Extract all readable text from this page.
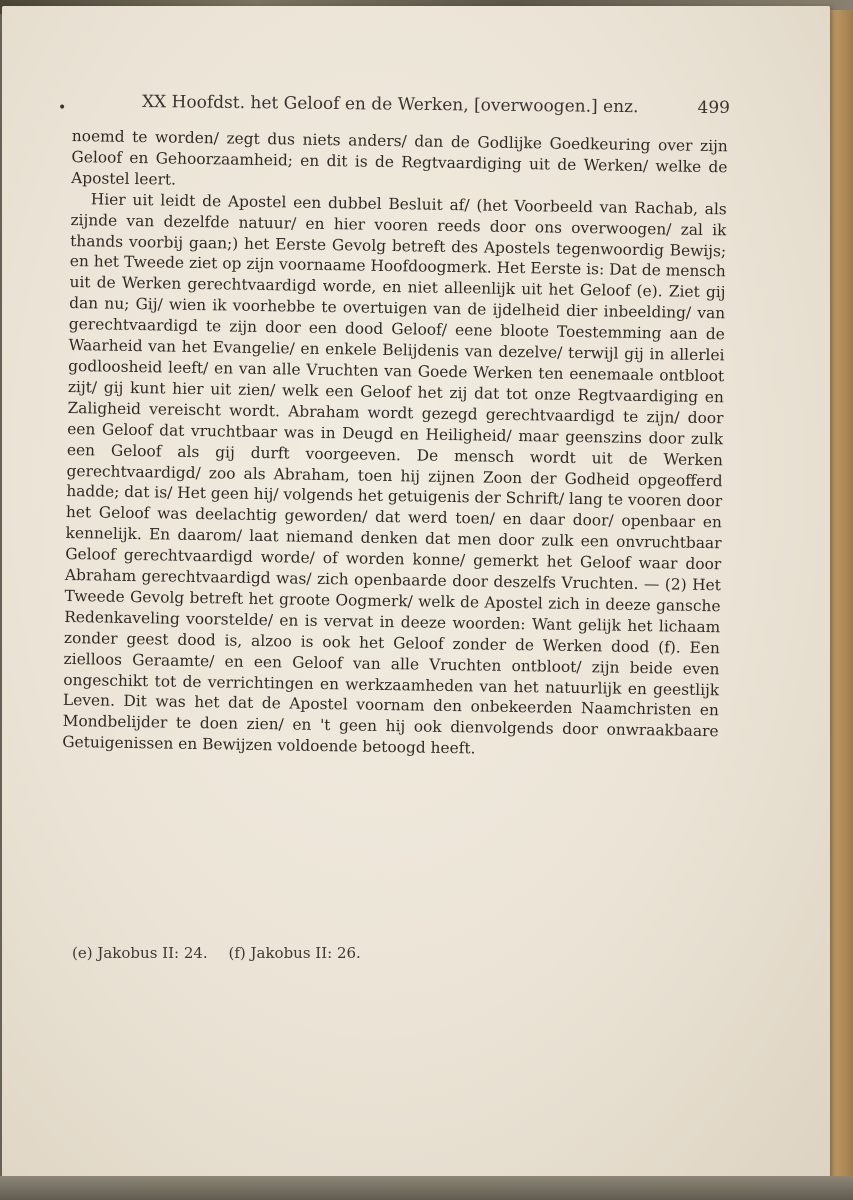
•	XX Hoofdst. het Geloof en de Werken, [overwoogen.] enz.	499

noemd te worden/ zegt dus niets anders/ dan de Godlijke Goedkeuring over zijn Geloof en Gehoorzaamheid; en dit is de Regtvaardiging uit de Werken/ welke de Apostel leert.

Hier uit leidt de Apostel een dubbel Besluit af/ (het Voorbeeld van Rachab, als zijnde van dezelfde natuur/ en hier vooren reeds door ons overwoogen/ zal ik thands voorbij gaan;) het Eerste Gevolg betreft des Apostels tegenwoordig Bewijs; en het Tweede ziet op zijn voornaame Hoofdoogmerk. Het Eerste is: Dat de mensch uit de Werken gerechtvaardigd worde, en niet alleenlijk uit het Geloof (e). Ziet gij dan nu; Gij/ wien ik voorhebbe te overtuigen van de ijdelheid dier inbeelding/ van gerechtvaardigd te zijn door een dood Geloof/ eene bloote Toestemming aan de Waarheid van het Evangelie/ en enkele Belijdenis van dezelve/ terwijl gij in allerlei godloosheid leeft/ en van alle Vruchten van Goede Werken ten eenemaale ontbloot zijt/ gij kunt hier uit zien/ welk een Geloof het zij dat tot onze Regtvaardiging en Zaligheid vereischt wordt. Abraham wordt gezegd gerechtvaardigd te zijn/ door een Geloof dat vruchtbaar was in Deugd en Heiligheid/ maar geenszins door zulk een Geloof als gij durft voorgeeven. De mensch wordt uit de Werken gerechtvaardigd/ zoo als Abraham, toen hij zijnen Zoon der Godheid opgeofferd hadde; dat is/ Het geen hij/ volgends het getuigenis der Schrift/ lang te vooren door het Geloof was deelachtig geworden/ dat werd toen/ en daar door/ openbaar en kennelijk. En daarom/ laat niemand denken dat men door zulk een onvruchtbaar Geloof gerechtvaardigd worde/ of worden konne/ gemerkt het Geloof waar door Abraham gerechtvaardigd was/ zich openbaarde door deszelfs Vruchten. — (2) Het Tweede Gevolg betreft het groote Oogmerk/ welk de Apostel zich in deeze gansche Redenkaveling voorstelde/ en is vervat in deeze woorden: Want gelijk het lichaam zonder geest dood is, alzoo is ook het Geloof zonder de Werken dood (f). Een zielloos Geraamte/ en een Geloof van alle Vruchten ontbloot/ zijn beide even ongeschikt tot de verrichtingen en werkzaamheden van het natuurlijk en geestlijk Leven. Dit was het dat de Apostel voornam den onbekeerden Naamchristen en Mondbelijder te doen zien/ en 't geen hij ook dienvolgends door onwraakbaare Getuigenissen en Bewijzen voldoende betoogd heeft.

(e) Jakobus II: 24. (f) Jakobus II: 26.
